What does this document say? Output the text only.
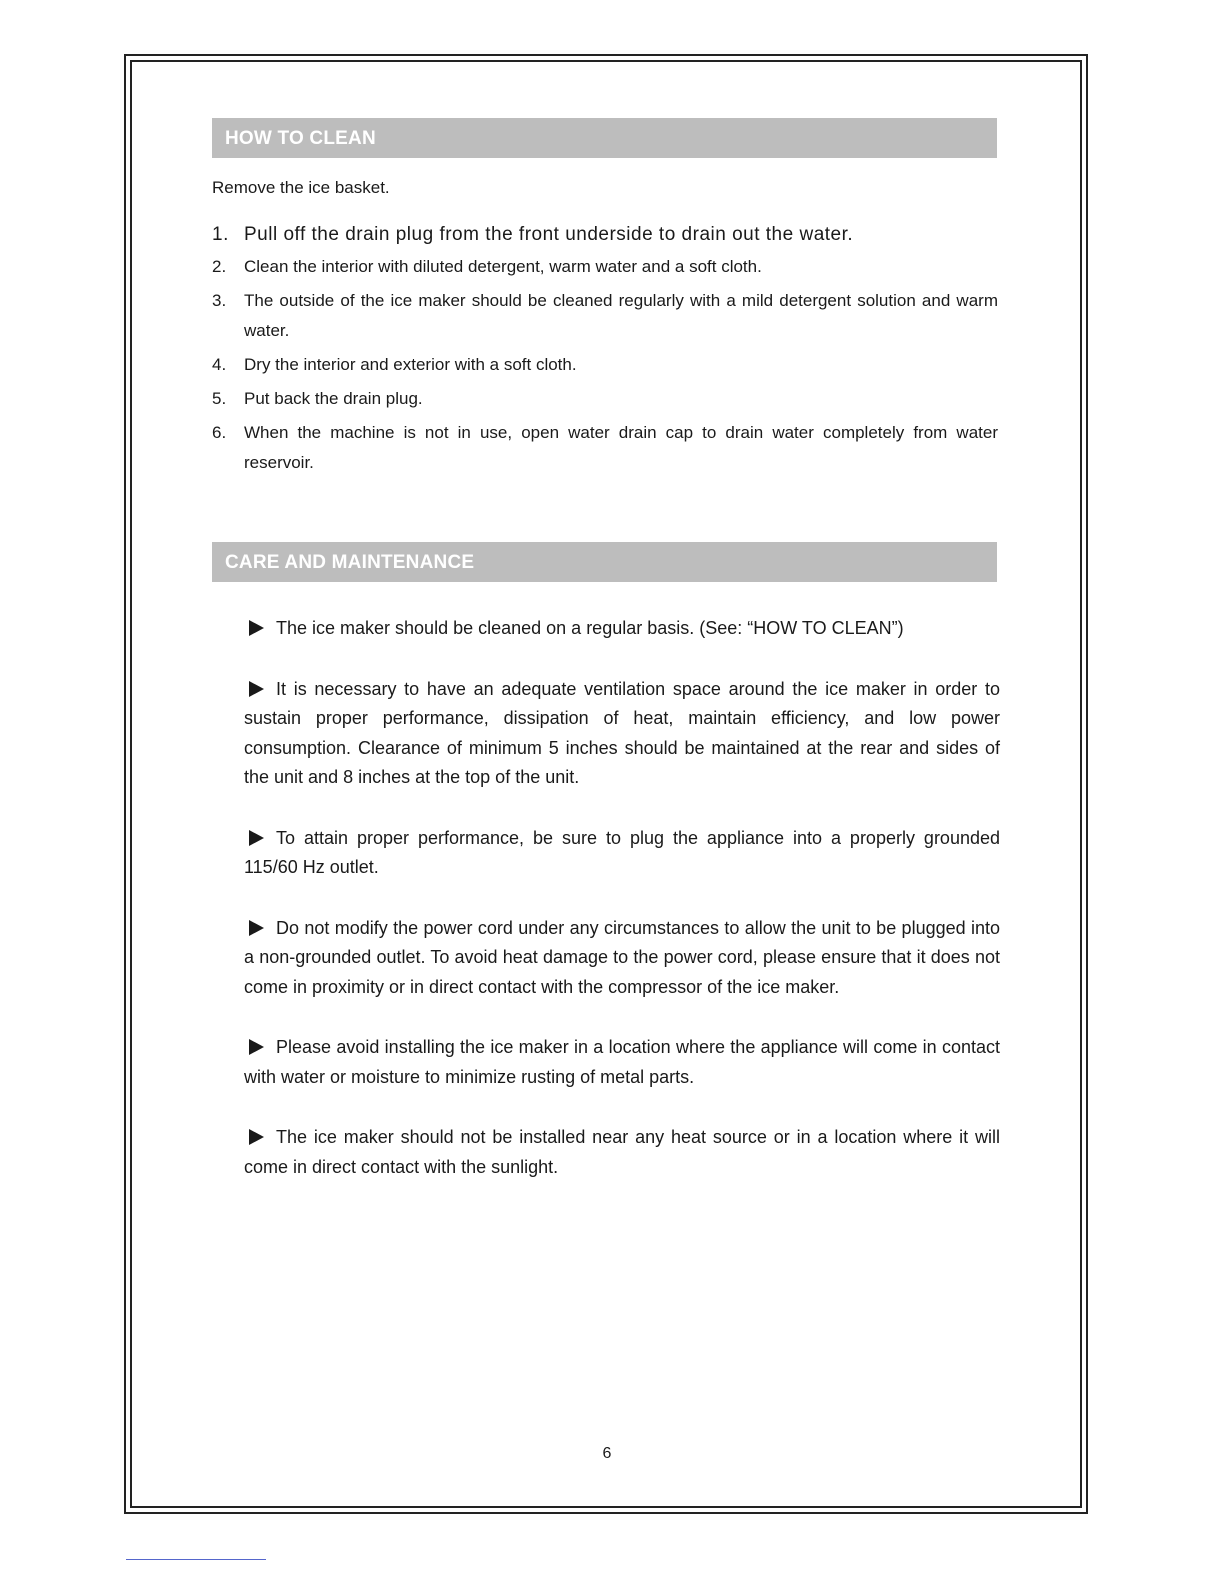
HOW TO CLEAN
Remove the ice basket.
1. Pull off the drain plug from the front underside to drain out the water.
2. Clean the interior with diluted detergent, warm water and a soft cloth.
3. The outside of the ice maker should be cleaned regularly with a mild detergent solution and warm water.
4. Dry the interior and exterior with a soft cloth.
5. Put back the drain plug.
6. When the machine is not in use, open water drain cap to drain water completely from water reservoir.
CARE AND MAINTENANCE

The ice maker should be cleaned on a regular basis. (See: “HOW TO CLEAN”)

It is necessary to have an adequate ventilation space around the ice maker in order to sustain proper performance, dissipation of heat, maintain efficiency, and low power consumption. Clearance of minimum 5 inches should be maintained at the rear and sides of the unit and 8 inches at the top of the unit.

To attain proper performance, be sure to plug the appliance into a properly grounded 115/60 Hz outlet.

Do not modify the power cord under any circumstances to allow the unit to be plugged into a non-grounded outlet. To avoid heat damage to the power cord, please ensure that it does not come in proximity or in direct contact with the compressor of the ice maker.

Please avoid installing the ice maker in a location where the appliance will come in contact with water or moisture to minimize rusting of metal parts.

The ice maker should not be installed near any heat source or in a location where it will come in direct contact with the sunlight.

6
